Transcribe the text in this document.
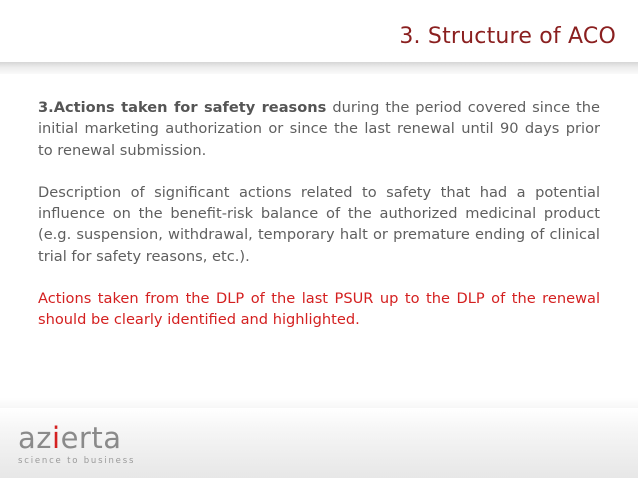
3. Structure of ACO

3.Actions taken for safety reasons during the period covered since the initial marketing authorization or since the last renewal until 90 days prior to renewal submission.

Description of significant actions related to safety that had a potential influence on the benefit-risk balance of the authorized medicinal product (e.g. suspension, withdrawal, temporary halt or premature ending of clinical trial for safety reasons, etc.).

Actions taken from the DLP of the last PSUR up to the DLP of the renewal should be clearly identified and highlighted.

azierta
science to business
